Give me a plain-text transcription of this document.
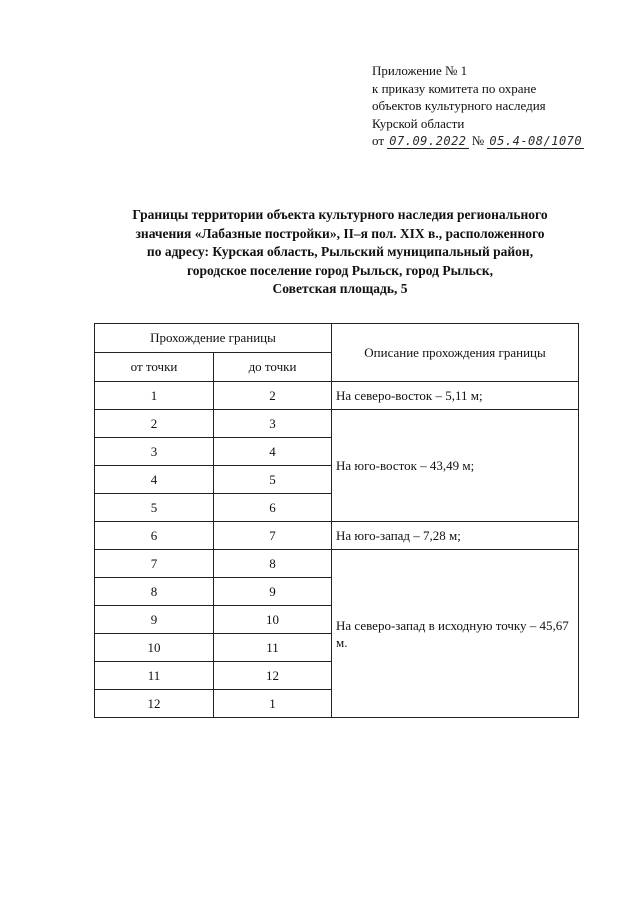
Приложение № 1
к приказу комитета по охране
объектов культурного наследия
Курской области
от 07.09.2022 № 05.4-08/1070
Границы территории объекта культурного наследия регионального
значения «Лабазные постройки», II–я пол. XIX в., расположенного
по адресу: Курская область, Рыльский муниципальный район,
городское поселение город Рыльск, город Рыльск,
Советская площадь, 5
Прохождение границы		Описание прохождения границы
от точки	до точки	
1	2	На северо-восток – 5,11 м;
2	3	На юго-восток – 43,49 м;
3	4	
4	5	
5	6	
6	7	На юго-запад – 7,28 м;
7	8	На северо-запад в исходную точку – 45,67 м.
8	9	
9	10	
10	11	
11	12	
12	1	
